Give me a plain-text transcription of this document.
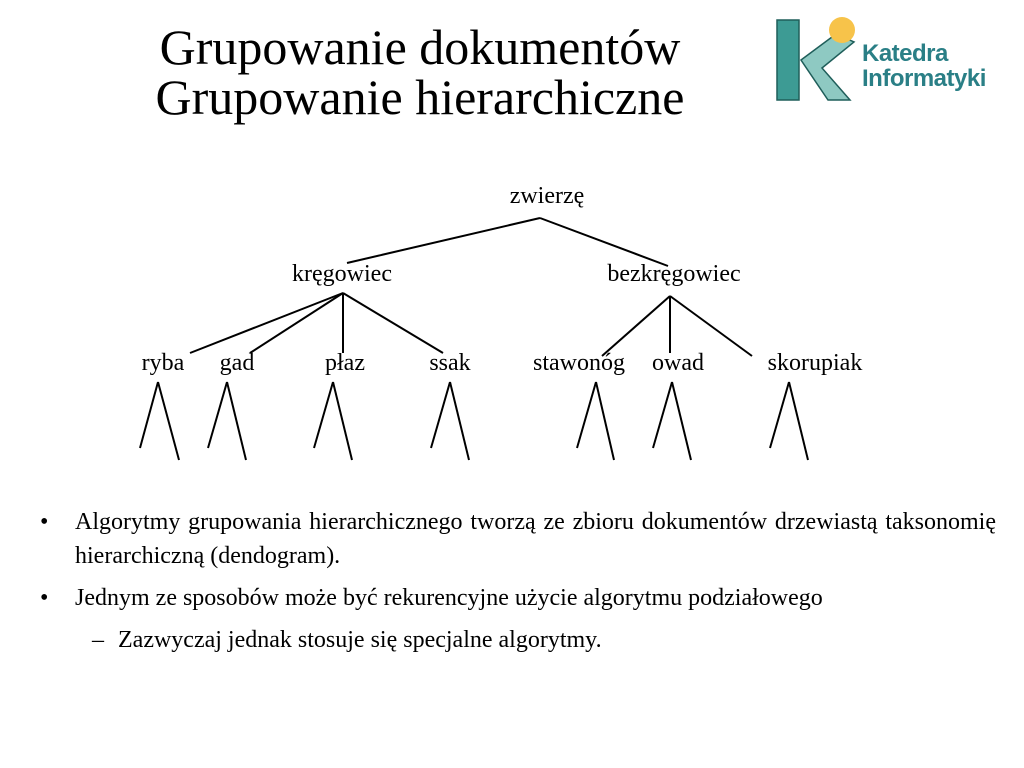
Grupowanie dokumentów
Grupowanie hierarchiczne
Katedra
Informatyki
zwierzę
kręgowiec	bezkręgowiec
ryba gad	płaz	ssak	stawonóg owad	skorupiak
• Algorytmy grupowania hierarchicznego tworzą ze zbioru dokumentów drzewiastą taksonomię hierarchiczną (dendogram).
• Jednym ze sposobów może być rekurencyjne użycie algorytmu podziałowego
– Zazwyczaj jednak stosuje się specjalne algorytmy.
